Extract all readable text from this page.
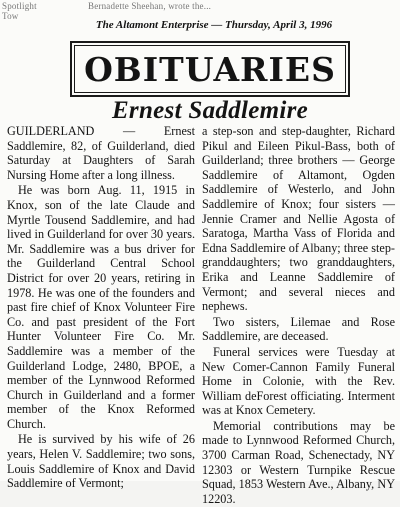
Spotlight
Tow
Bernadette Sheehan, wrote the...
The Altamont Enterprise — Thursday, April 3, 1996
OBITUARIES
Ernest Saddlemire

GUILDERLAND — Ernest Saddlemire, 82, of Guilderland, died Saturday at Daughters of Sarah Nursing Home after a long illness.

He was born Aug. 11, 1915 in Knox, son of the late Claude and Myrtle Tousend Saddlemire, and had lived in Guilderland for over 30 years. Mr. Saddlemire was a bus driver for the Guilderland Central School District for over 20 years, retiring in 1978. He was one of the founders and past fire chief of Knox Volunteer Fire Co. and past president of the Fort Hunter Volunteer Fire Co. Mr. Saddlemire was a member of the Guilderland Lodge, 2480, BPOE, a member of the Lynnwood Reformed Church in Guilderland and a former member of the Knox Reformed Church.

He is survived by his wife of 26 years, Helen V. Saddlemire; two sons, Louis Saddlemire of Knox and David Saddlemire of Vermont;

a step-son and step-daughter, Richard Pikul and Eileen Pikul-Bass, both of Guilderland; three brothers — George Saddlemire of Altamont, Ogden Saddlemire of Westerlo, and John Saddlemire of Knox; four sisters — Jennie Cramer and Nellie Agosta of Saratoga, Martha Vass of Florida and Edna Saddlemire of Albany; three step-granddaughters; two granddaughters, Erika and Leanne Saddlemire of Vermont; and several nieces and nephews.

Two sisters, Lilemae and Rose Saddlemire, are deceased.

Funeral services were Tuesday at New Comer-Cannon Family Funeral Home in Colonie, with the Rev. William deForest officiating. Interment was at Knox Cemetery.

Memorial contributions may be made to Lynnwood Reformed Church, 3700 Carman Road, Schenectady, NY 12303 or Western Turnpike Rescue Squad, 1853 Western Ave., Albany, NY 12203.
